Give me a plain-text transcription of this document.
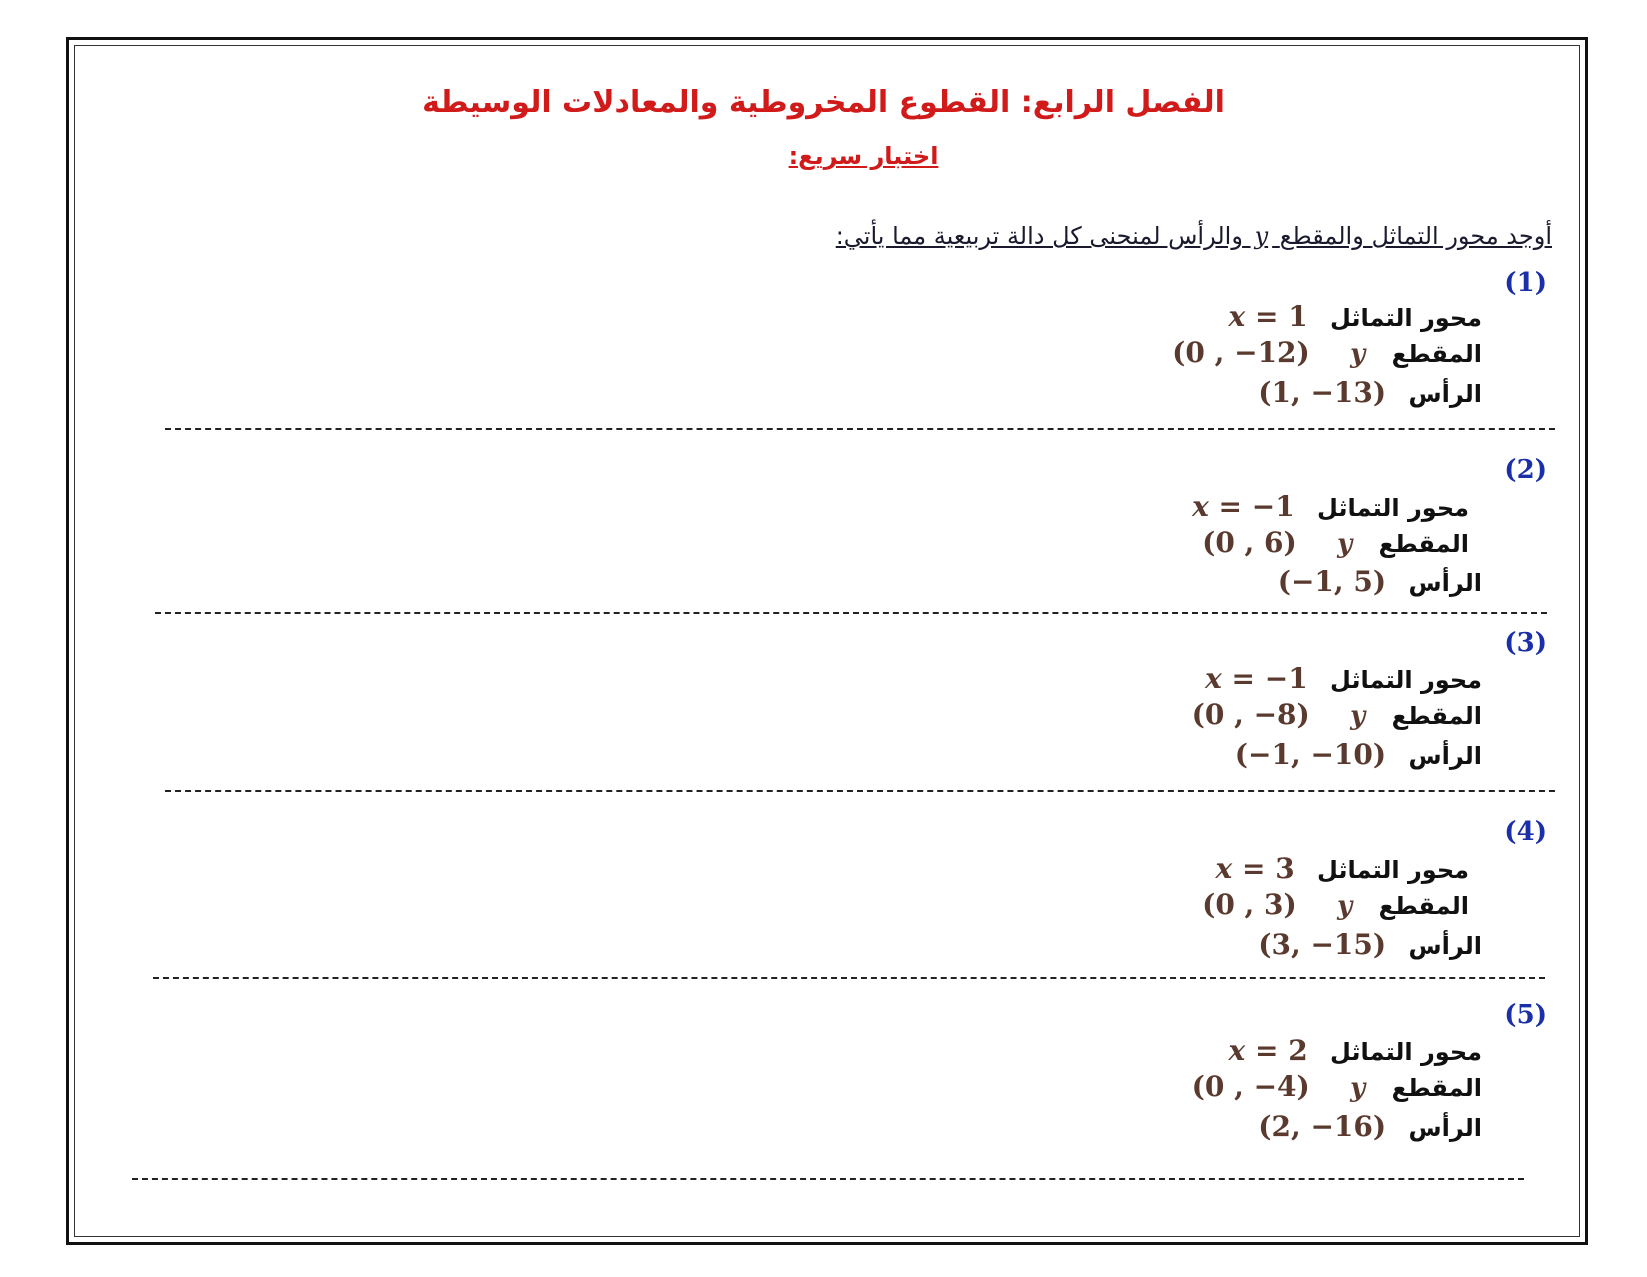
الفصل الرابع: القطوع المخروطية والمعادلات الوسيطة
اختبار سريع:
أوجد محور التماثل والمقطع y والرأس لمنحنى كل دالة تربيعية مما يأتي:
(1)
محور التماثل x = 1
المقطع y (0 , −12)
الرأس (1, −13)
(2)
محور التماثل x = −1
المقطع y (0 , 6)
الرأس (−1, 5)
(3)
محور التماثل x = −1
المقطع y (0 , −8)
الرأس (−1, −10)
(4)
محور التماثل x = 3
المقطع y (0 , 3)
الرأس (3, −15)
(5)
محور التماثل x = 2
المقطع y (0 , −4)
الرأس (2, −16)
